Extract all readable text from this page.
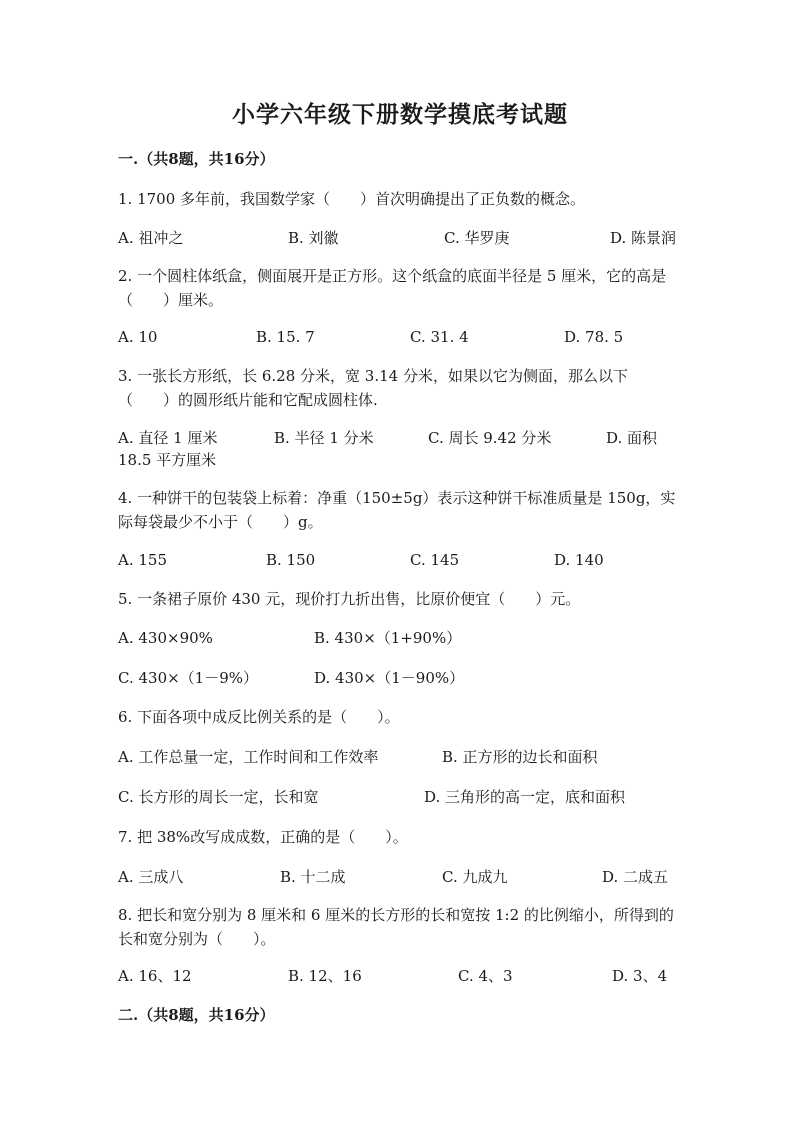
小学六年级下册数学摸底考试题
一.（共8题，共16分）
1. 1700 多年前，我国数学家（　　）首次明确提出了正负数的概念。
A. 祖冲之	B. 刘徽	C. 华罗庚	D. 陈景润
2. 一个圆柱体纸盒，侧面展开是正方形。这个纸盒的底面半径是 5 厘米，它的高是（　　）厘米。
A. 10	B. 15. 7	C. 31. 4	D. 78. 5
3. 一张长方形纸，长 6.28 分米，宽 3.14 分米，如果以它为侧面，那么以下（　　）的圆形纸片能和它配成圆柱体.
A. 直径 1 厘米	B. 半径 1 分米	C. 周长 9.42 分米	D. 面积
18.5 平方厘米
4. 一种饼干的包装袋上标着：净重（150±5g）表示这种饼干标准质量是 150g，实际每袋最少不小于（　　）g。
A. 155	B. 150	C. 145	D. 140
5. 一条裙子原价 430 元，现价打九折出售，比原价便宜（　　）元。
A. 430×90%	B. 430×（1+90%）
C. 430×（1－9%）	D. 430×（1－90%）
6. 下面各项中成反比例关系的是（　　）。
A. 工作总量一定，工作时间和工作效率	B. 正方形的边长和面积
C. 长方形的周长一定，长和宽	D. 三角形的高一定，底和面积
7. 把 38%改写成成数，正确的是（　　）。
A. 三成八	B. 十二成	C. 九成九	D. 二成五
8. 把长和宽分别为 8 厘米和 6 厘米的长方形的长和宽按 1:2 的比例缩小，所得到的长和宽分别为（　　）。
A. 16、12	B. 12、16	C. 4、3	D. 3、4
二.（共8题，共16分）
